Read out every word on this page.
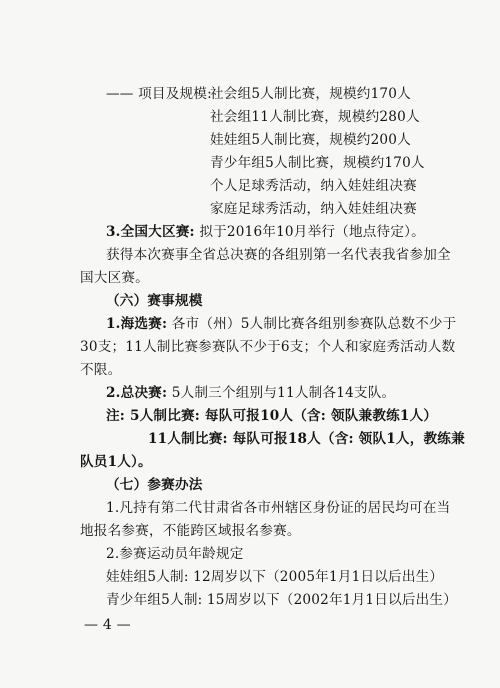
—— 项目及规模:
社会组5人制比赛，规模约170人
社会组11人制比赛，规模约280人
娃娃组5人制比赛，规模约200人
青少年组5人制比赛，规模约170人
个人足球秀活动，纳入娃娃组决赛
家庭足球秀活动，纳入娃娃组决赛
3.全国大区赛: 拟于2016年10月举行（地点待定）。
获得本次赛事全省总决赛的各组别第一名代表我省参加全
国大区赛。
（六）赛事规模
1.海选赛: 各市（州）5人制比赛各组别参赛队总数不少于
30支；11人制比赛参赛队不少于6支；个人和家庭秀活动人数
不限。
2.总决赛: 5人制三个组别与11人制各14支队。
注: 5人制比赛: 每队可报10人（含: 领队兼教练1人）
11人制比赛: 每队可报18人（含: 领队1人，教练兼
队员1人）。
（七）参赛办法
1.凡持有第二代甘肃省各市州辖区身份证的居民均可在当
地报名参赛，不能跨区域报名参赛。
2.参赛运动员年龄规定
娃娃组5人制: 12周岁以下（2005年1月1日以后出生）
青少年组5人制: 15周岁以下（2002年1月1日以后出生）
— 4 —
